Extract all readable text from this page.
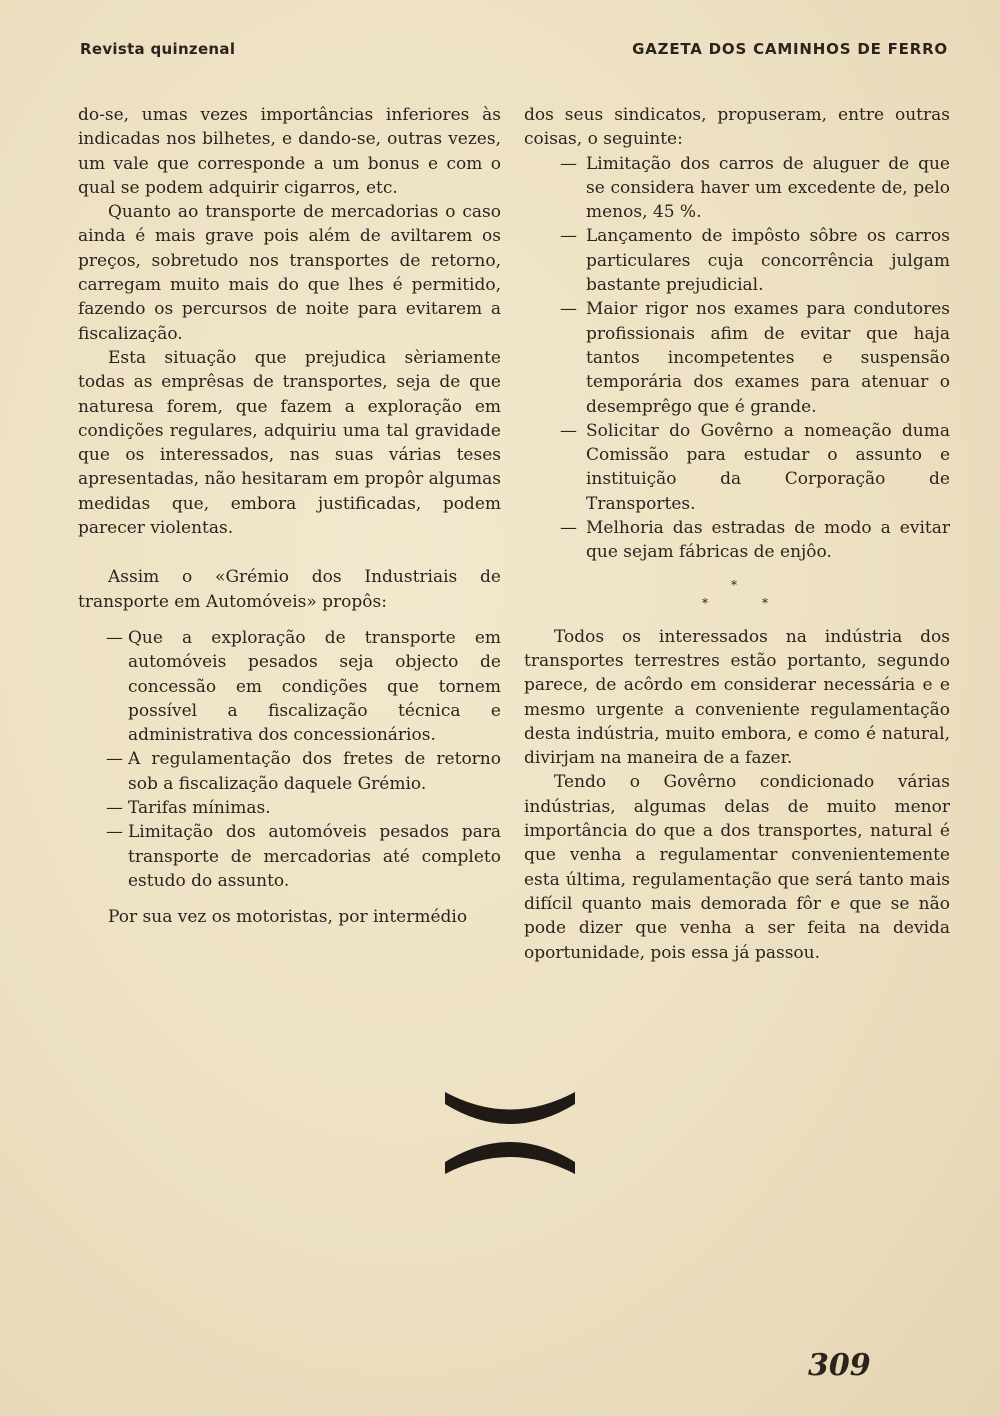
Revista quinzenal	GAZETA DOS CAMINHOS DE FERRO

do-se, umas vezes importâncias inferiores às indicadas nos bilhetes, e dando-se, outras vezes, um vale que corresponde a um bonus e com o qual se podem adquirir cigarros, etc.

Quanto ao transporte de mercadorias o caso ainda é mais grave pois além de aviltarem os preços, sobretudo nos transportes de retorno, carregam muito mais do que lhes é permitido, fazendo os percursos de noite para evitarem a fiscalização.

Esta situação que prejudica sèriamente todas as emprêsas de transportes, seja de que naturesa forem, que fazem a exploração em condições regulares, adquiriu uma tal gravidade que os interessados, nas suas várias teses apresentadas, não hesitaram em propôr algumas medidas que, embora justificadas, podem parecer violentas.

Assim o «Grémio dos Industriais de transporte em Automóveis» propôs:

— Que a exploração de transporte em automóveis pesados seja objecto de concessão em condições que tornem possível a fiscalização técnica e administrativa dos concessionários.
— A regulamentação dos fretes de retorno sob a fiscalização daquele Grémio.
— Tarifas mínimas.
— Limitação dos automóveis pesados para transporte de mercadorias até completo estudo do assunto.

Por sua vez os motoristas, por intermédio

dos seus sindicatos, propuseram, entre outras coisas, o seguinte:

— Limitação dos carros de aluguer de que se considera haver um excedente de, pelo menos, 45 %.
— Lançamento de impôsto sôbre os carros particulares cuja concorrência julgam bastante prejudicial.
— Maior rigor nos exames para condutores profissionais afim de evitar que haja tantos incompetentes e suspensão temporária dos exames para atenuar o desemprêgo que é grande.
— Solicitar do Govêrno a nomeação duma Comissão para estudar o assunto e instituição da Corporação de Transportes.
— Melhoria das estradas de modo a evitar que sejam fábricas de enjôo.
*
*	*

Todos os interessados na indústria dos transportes terrestres estão portanto, segundo parece, de acôrdo em considerar necessária e e mesmo urgente a conveniente regulamentação desta indústria, muito embora, e como é natural, divirjam na maneira de a fazer.

Tendo o Govêrno condicionado várias indústrias, algumas delas de muito menor importância do que a dos transportes, natural é que venha a regulamentar convenientemente esta última, regulamentação que será tanto mais difícil quanto mais demorada fôr e que se não pode dizer que venha a ser feita na devida oportunidade, pois essa já passou.

309
